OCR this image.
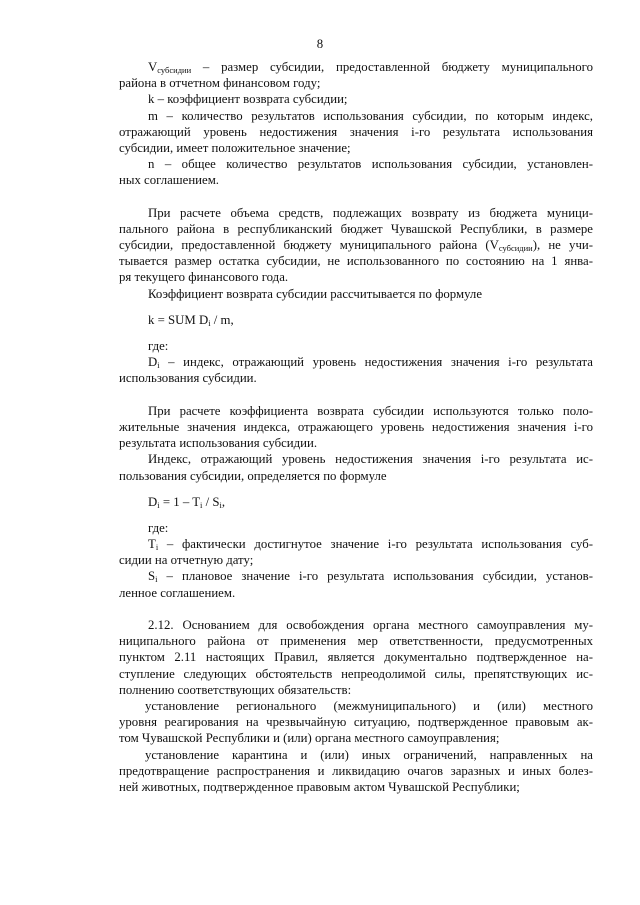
8
$V_{субсидии}$ – размер субсидии, предоставленной бюджету муниципального
района в отчетном финансовом году;
k – коэффициент возврата субсидии;
m – количество результатов использования субсидии, по которым индекс,
отражающий уровень недостижения значения i-го результата использования
субсидии, имеет положительное значение;
n – общее количество результатов использования субсидии, установлен-
ных соглашением.
При расчете объема средств, подлежащих возврату из бюджета муници-
пального района в республиканский бюджет Чувашской Республики, в размере
субсидии, предоставленной бюджету муниципального района $(V_{субсидии})$, не учи-
тывается размер остатка субсидии, не использованного по состоянию на 1 янва-
ря текущего финансового года.
Коэффициент возврата субсидии рассчитывается по формуле
k = SUM $D_i$ / m,
где:
$D_i$ – индекс, отражающий уровень недостижения значения i-го результата
использования субсидии.
При расчете коэффициента возврата субсидии используются только поло-
жительные значения индекса, отражающего уровень недостижения значения i-го
результата использования субсидии.
Индекс, отражающий уровень недостижения значения i-го результата ис-
пользования субсидии, определяется по формуле
$D_i = 1 - T_i / S_i$,
где:
$T_i$ – фактически достигнутое значение i-го результата использования суб-
сидии на отчетную дату;
$S_i$ – плановое значение i-го результата использования субсидии, установ-
ленное соглашением.
2.12. Основанием для освобождения органа местного самоуправления му-
ниципального района от применения мер ответственности, предусмотренных
пунктом 2.11 настоящих Правил, является документально подтвержденное на-
ступление следующих обстоятельств непреодолимой силы, препятствующих ис-
полнению соответствующих обязательств:
установление регионального (межмуниципального) и (или) местного
уровня реагирования на чрезвычайную ситуацию, подтвержденное правовым ак-
том Чувашской Республики и (или) органа местного самоуправления;
установление карантина и (или) иных ограничений, направленных на
предотвращение распространения и ликвидацию очагов заразных и иных болез-
ней животных, подтвержденное правовым актом Чувашской Республики;
